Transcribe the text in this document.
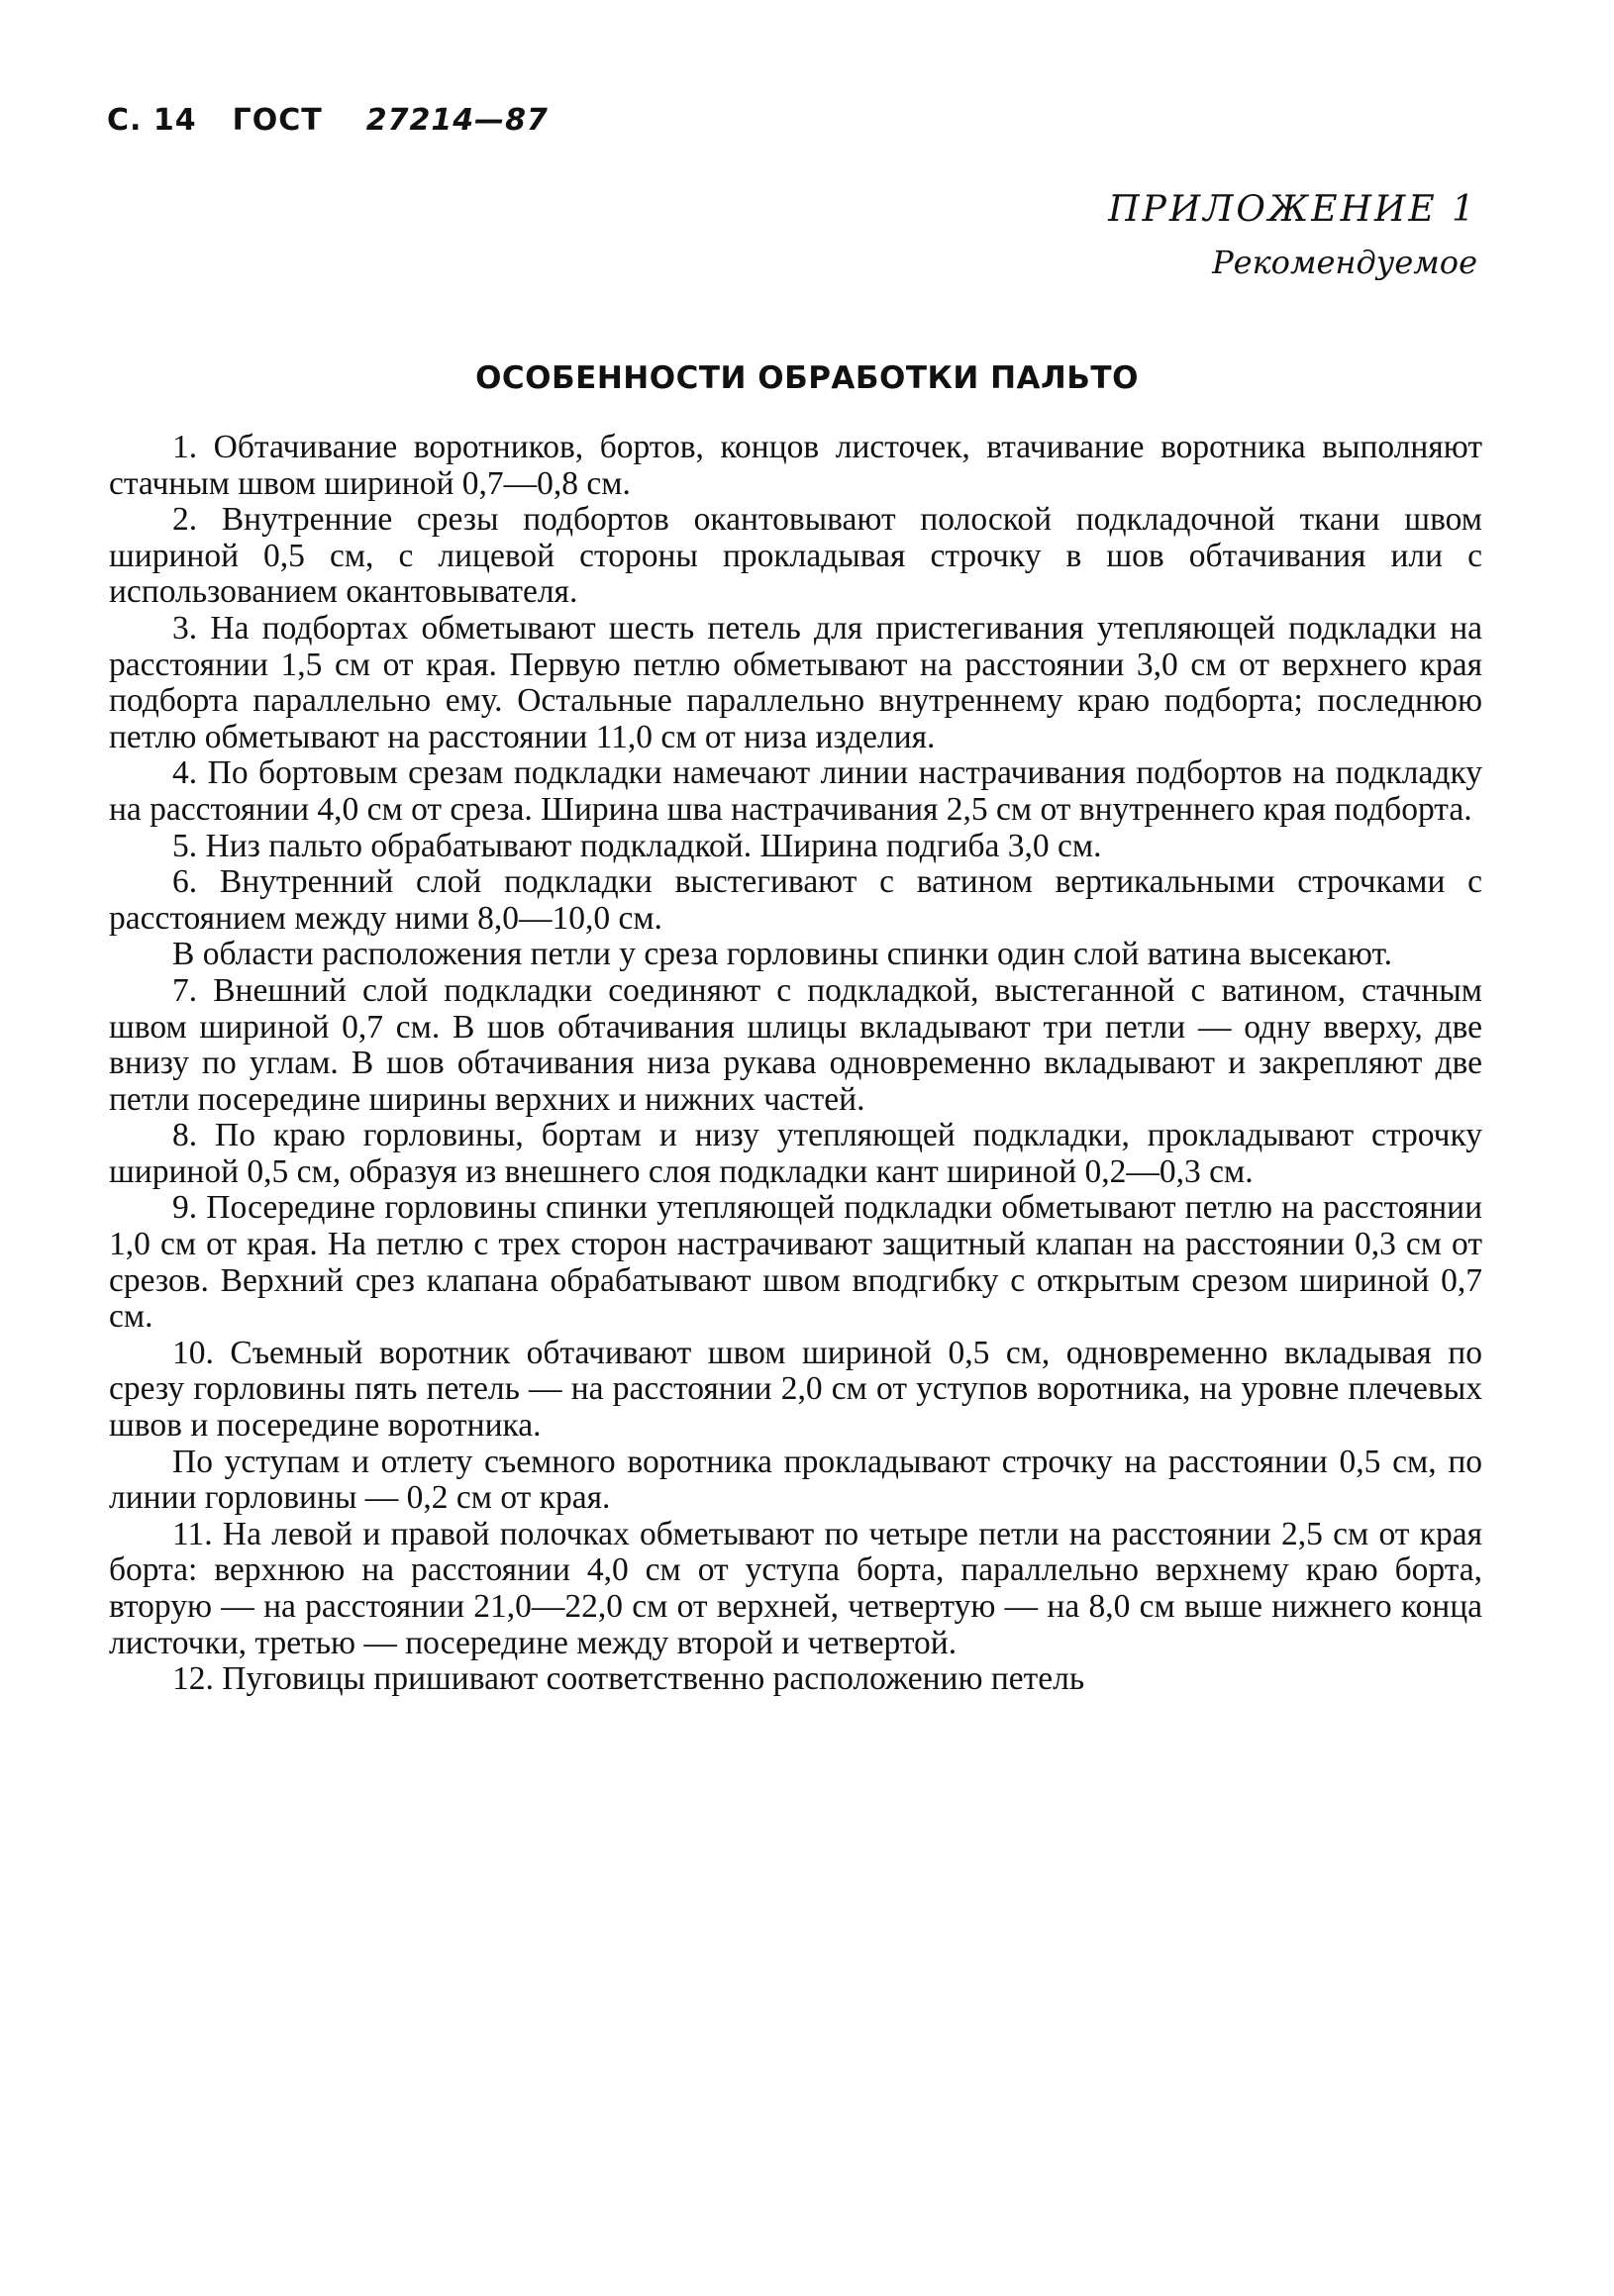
С. 14 ГОСТ 27214—87
ПРИЛОЖЕНИЕ 1
Рекомендуемое
ОСОБЕННОСТИ ОБРАБОТКИ ПАЛЬТО

1. Обтачивание воротников, бортов, концов листочек, втачивание воротника выполняют стачным швом шириной 0,7—0,8 см.

2. Внутренние срезы подбортов окантовывают полоской подкладочной ткани швом шириной 0,5 см, с лицевой стороны прокладывая строчку в шов обтачивания или с использованием окантовывателя.

3. На подбортах обметывают шесть петель для пристегивания утепляющей подкладки на расстоянии 1,5 см от края. Первую петлю обметывают на расстоянии 3,0 см от верхнего края подборта параллельно ему. Остальные параллельно внутреннему краю подборта; последнюю петлю обметывают на расстоянии 11,0 см от низа изделия.

4. По бортовым срезам подкладки намечают линии настрачивания подбортов на подкладку на расстоянии 4,0 см от среза. Ширина шва настрачивания 2,5 см от внутреннего края подборта.

5. Низ пальто обрабатывают подкладкой. Ширина подгиба 3,0 см.

6. Внутренний слой подкладки выстегивают с ватином вертикальными строчками с расстоянием между ними 8,0—10,0 см.

В области расположения петли у среза горловины спинки один слой ватина высекают.

7. Внешний слой подкладки соединяют с подкладкой, выстеганной с ватином, стачным швом шириной 0,7 см. В шов обтачивания шлицы вкладывают три петли — одну вверху, две внизу по углам. В шов обтачивания низа рукава одновременно вкладывают и закрепляют две петли посередине ширины верхних и нижних частей.

8. По краю горловины, бортам и низу утепляющей подкладки, прокладывают строчку шириной 0,5 см, образуя из внешнего слоя подкладки кант шириной 0,2—0,3 см.

9. Посередине горловины спинки утепляющей подкладки обметывают петлю на расстоянии 1,0 см от края. На петлю с трех сторон настрачивают защитный клапан на расстоянии 0,3 см от срезов. Верхний срез клапана обрабатывают швом вподгибку с открытым срезом шириной 0,7 см.

10. Съемный воротник обтачивают швом шириной 0,5 см, одновременно вкладывая по срезу горловины пять петель — на расстоянии 2,0 см от уступов воротника, на уровне плечевых швов и посередине воротника.

По уступам и отлету съемного воротника прокладывают строчку на расстоянии 0,5 см, по линии горловины — 0,2 см от края.

11. На левой и правой полочках обметывают по четыре петли на расстоянии 2,5 см от края борта: верхнюю на расстоянии 4,0 см от уступа борта, параллельно верхнему краю борта, вторую — на расстоянии 21,0—22,0 см от верхней, четвертую — на 8,0 см выше нижнего конца листочки, третью — посередине между второй и четвертой.

12. Пуговицы пришивают соответственно расположению петель
